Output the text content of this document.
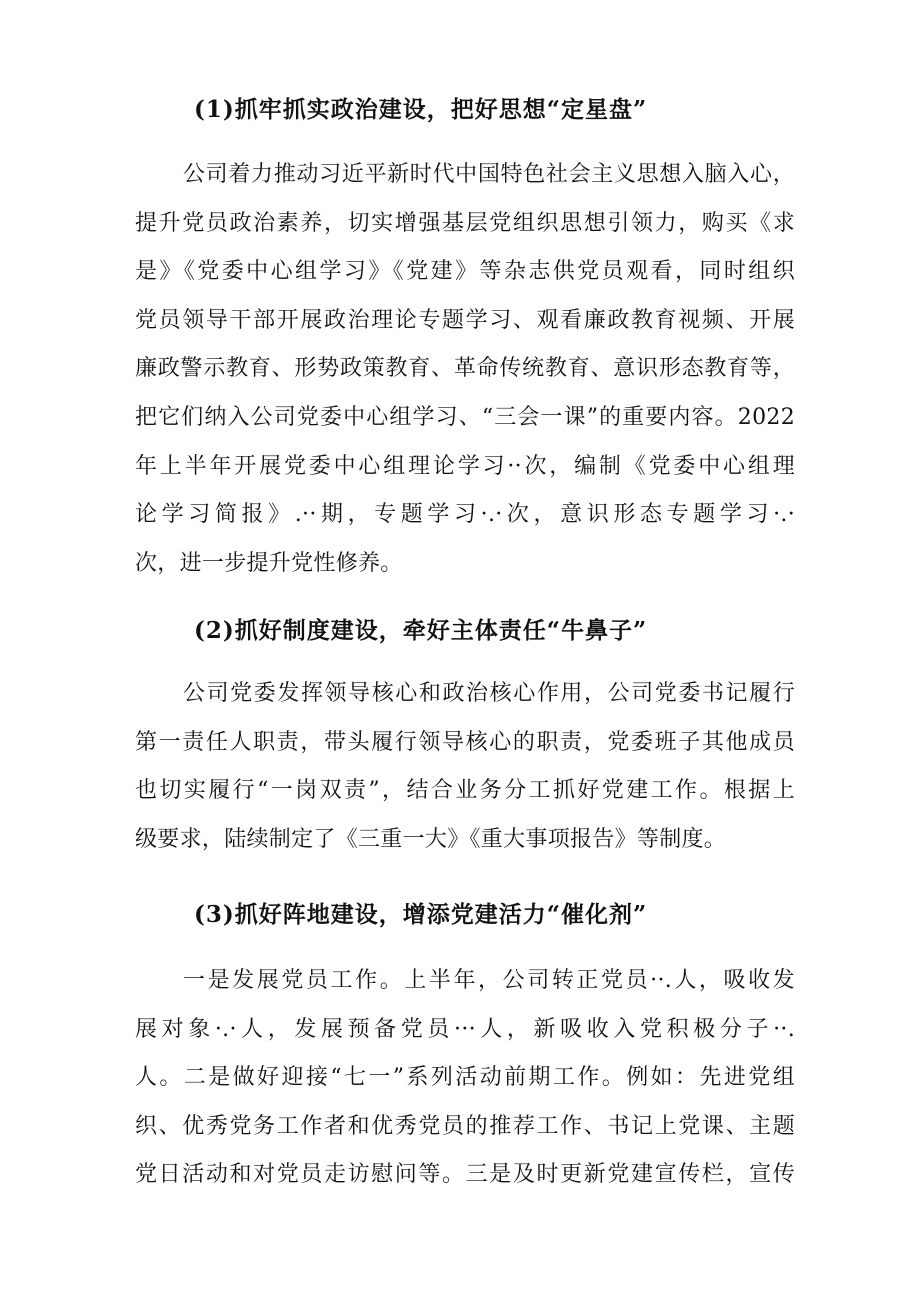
(1)抓牢抓实政治建设，把好思想“定星盘”
公司着力推动习近平新时代中国特色社会主义思想入脑入心，
提升党员政治素养，切实增强基层党组织思想引领力，购买《求
是》《党委中心组学习》《党建》等杂志供党员观看，同时组织
党员领导干部开展政治理论专题学习、观看廉政教育视频、开展
廉政警示教育、形势政策教育、革命传统教育、意识形态教育等，
把它们纳入公司党委中心组学习、“三会一课”的重要内容。2022
年上半年开展党委中心组理论学习··次，编制《党委中心组理
论学习简报》.··期，专题学习·.·次，意识形态专题学习·.·
次，进一步提升党性修养。
(2)抓好制度建设，牵好主体责任“牛鼻子”
公司党委发挥领导核心和政治核心作用，公司党委书记履行
第一责任人职责，带头履行领导核心的职责，党委班子其他成员
也切实履行“一岗双责”，结合业务分工抓好党建工作。根据上
级要求，陆续制定了《三重一大》《重大事项报告》等制度。
(3)抓好阵地建设，增添党建活力“催化剂”
一是发展党员工作。上半年，公司转正党员··.人，吸收发
展对象·.·人，发展预备党员···人，新吸收入党积极分子··.
人。二是做好迎接“七一”系列活动前期工作。例如：先进党组
织、优秀党务工作者和优秀党员的推荐工作、书记上党课、主题
党日活动和对党员走访慰问等。三是及时更新党建宣传栏，宣传
